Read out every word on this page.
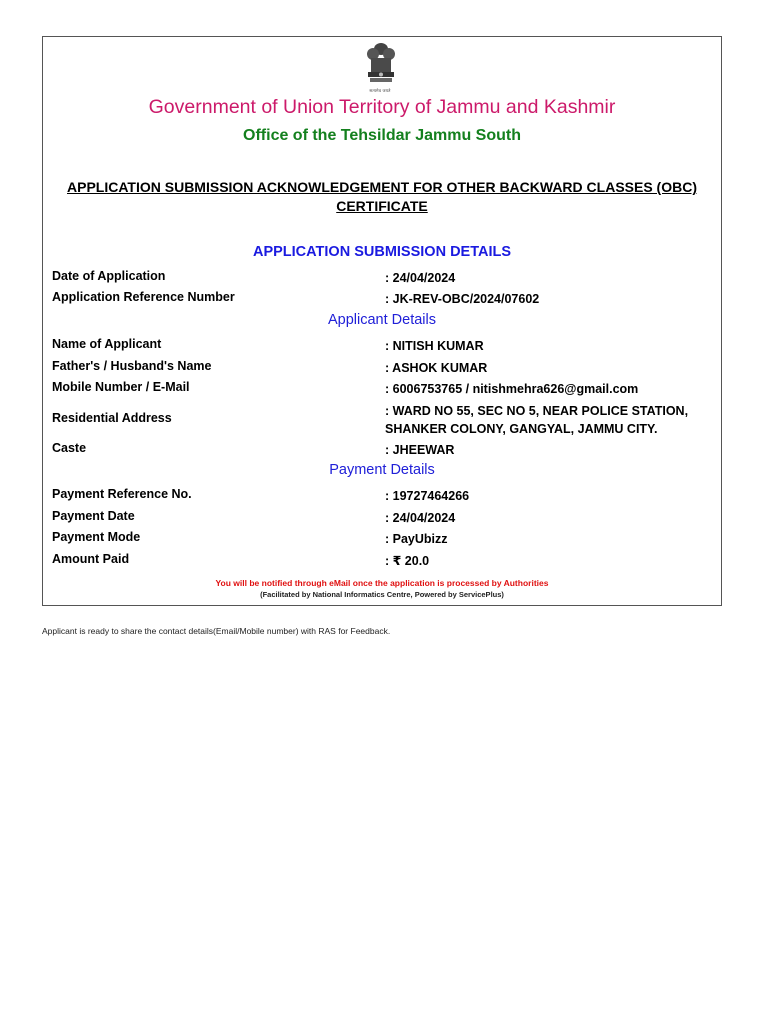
सत्यमेव जयते
Government of Union Territory of Jammu and Kashmir
Office of the Tehsildar Jammu South
APPLICATION SUBMISSION ACKNOWLEDGEMENT FOR OTHER BACKWARD CLASSES (OBC) CERTIFICATE
APPLICATION SUBMISSION DETAILS
Date of Application	: 24/04/2024
Application Reference Number	: JK-REV-OBC/2024/07602
Applicant Details
Name of Applicant	: NITISH KUMAR
Father's / Husband's Name	: ASHOK KUMAR
Mobile Number / E-Mail	: 6006753765 / nitishmehra626@gmail.com
Residential Address	: WARD NO 55, SEC NO 5, NEAR POLICE STATION, SHANKER COLONY, GANGYAL, JAMMU CITY.
Caste	: JHEEWAR
Payment Details
Payment Reference No.	: 19727464266
Payment Date	: 24/04/2024
Payment Mode	: PayUbizz
Amount Paid	: ₹ 20.0
You will be notified through eMail once the application is processed by Authorities
(Facilitated by National Informatics Centre, Powered by ServicePlus)
Applicant is ready to share the contact details(Email/Mobile number) with RAS for Feedback.
